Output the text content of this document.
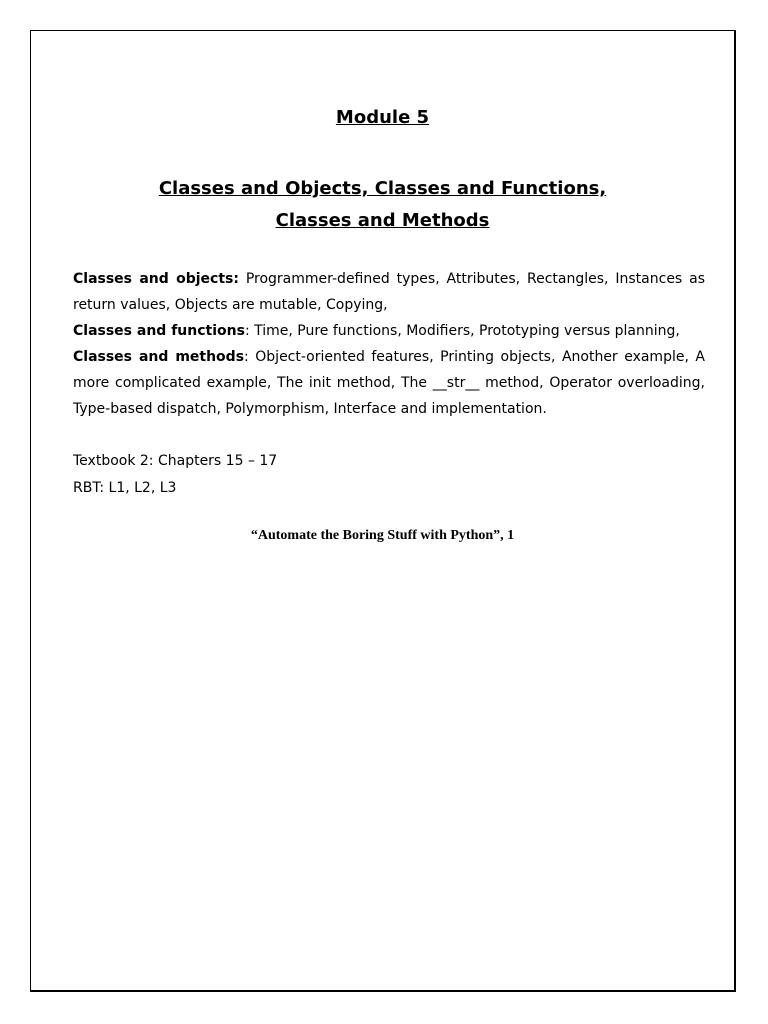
Module 5
Classes and Objects, Classes and Functions,
Classes and Methods

Classes and objects: Programmer-defined types, Attributes, Rectangles, Instances as return values, Objects are mutable, Copying,

Classes and functions: Time, Pure functions, Modifiers, Prototyping versus planning,

Classes and methods: Object-oriented features, Printing objects, Another example, A more complicated example, The init method, The __str__ method, Operator overloading, Type-based dispatch, Polymorphism, Interface and implementation.

Textbook 2: Chapters 15 – 17
RBT: L1, L2, L3
“Automate the Boring Stuff with Python”, 1
